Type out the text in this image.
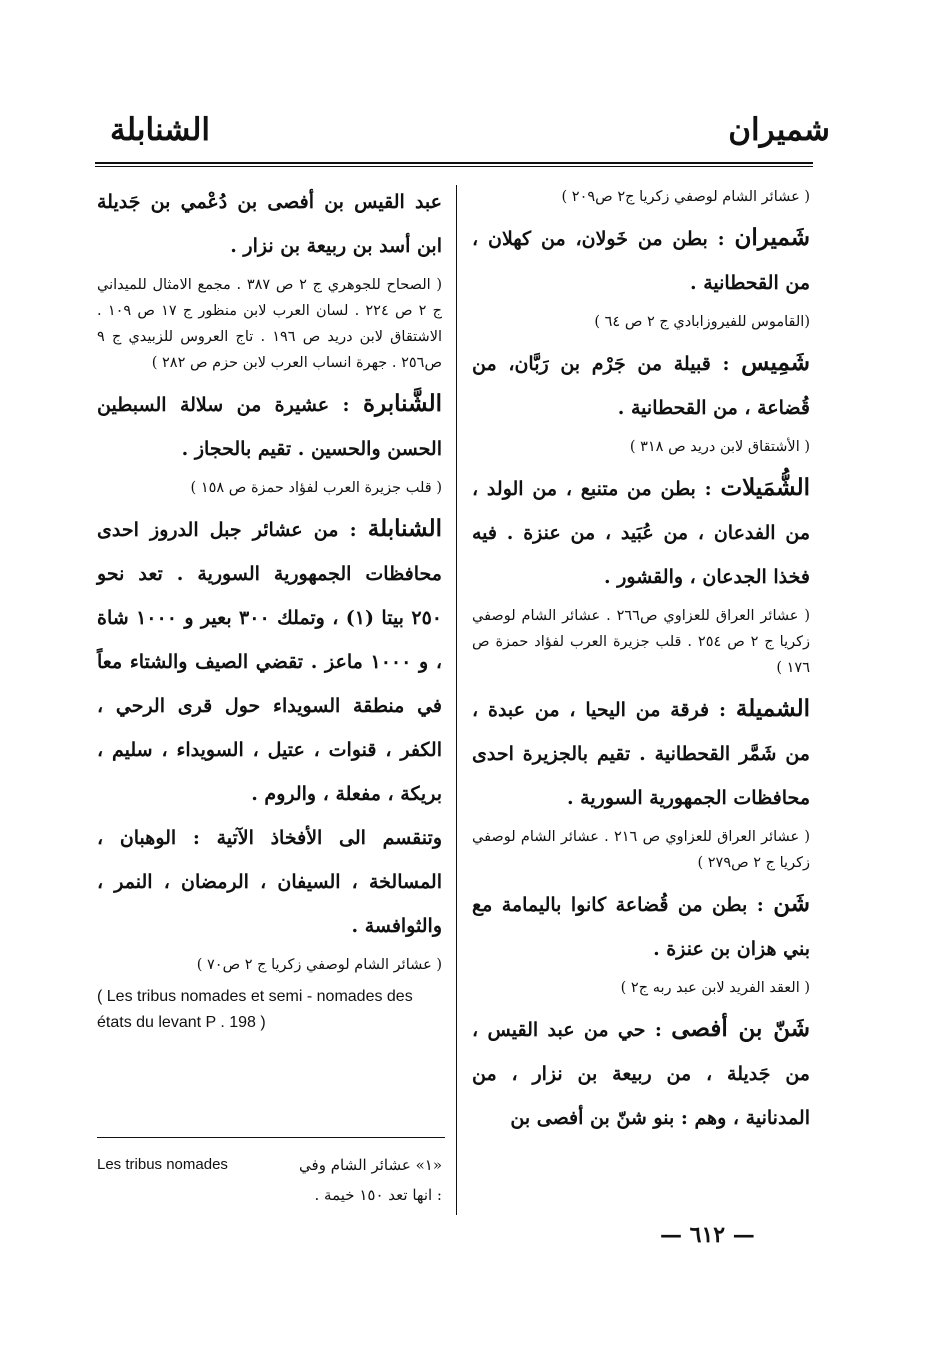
شميران
الشنابلة

( عشائر الشام لوصفي زكريا ج٢ ص٢٠٩ )

شَميران : بطن من خَولان، من كهلان ، من القحطانية .

(القاموس للفيروزابادي ج ٢ ص ٦٤ )

شَمِيس : قبيلة من جَرْم بن رَبَّان، من قُضاعة ، من القحطانية .

( الأشتقاق لابن دريد ص ٣١٨ )

الشُّمَيلات : بطن من متنبع ، من الولد ، من الفدعان ، من عُبَيد ، من عنزة . فيه فخذا الجدعان ، والقشور .

( عشائر العراق للعزاوي ص٢٦٦ . عشائر الشام لوصفي زكريا ج ٢ ص ٢٥٤ . قلب جزيرة العرب لفؤاد حمزة ص ١٧٦ )

الشميلة : فرقة من اليحيا ، من عبدة ، من شَمَّر القحطانية . تقيم بالجزيرة احدى محافظات الجمهورية السورية .

( عشائر العراق للعزاوي ص ٢١٦ . عشائر الشام لوصفي زكريا ج ٢ ص٢٧٩ )

شَن : بطن من قُضاعة كانوا باليمامة مع بني هزان بن عنزة .

( العقد الفريد لابن عبد ربه ج٢ )

شَنّ بن أفصى : حي من عبد القيس ، من جَديلة ، من ربيعة بن نزار ، من المدنانية ، وهم : بنو شنّ بن أفصى بن

عبد القيس بن أفصى بن دُعْمي بن جَديلة ابن أسد بن ربيعة بن نزار .

( الصحاح للجوهري ج ٢ ص ٣٨٧ . مجمع الامثال للميداني ج ٢ ص ٢٢٤ . لسان العرب لابن منظور ج ١٧ ص ١٠٩ . الاشتقاق لابن دريد ص ١٩٦ . تاج العروس للزبيدي ج ٩ ص٢٥٦ . جهرة انساب العرب لابن حزم ص ٢٨٢ )

الشَّنابرة : عشيرة من سلالة السبطين الحسن والحسين . تقيم بالحجاز .

( قلب جزيرة العرب لفؤاد حمزة ص ١٥٨ )

الشنابلة : من عشائر جبل الدروز احدى محافظات الجمهورية السورية . تعد نحو ٢٥٠ بيتا (١) ، وتملك ٣٠٠ بعير و ١٠٠٠ شاة ، و ١٠٠٠ ماعز . تقضي الصيف والشتاء معاً في منطقة السويداء حول قرى الرحي ، الكفر ، قنوات ، عتيل ، السويداء ، سليم ، بريكة ، مفعلة ، والروم .

وتنقسم الى الأفخاذ الآتية : الوهبان ، المسالخة ، السيفان ، الرمضان ، النمر ، والثوافسة .

( عشائر الشام لوصفي زكريا ج ٢ ص٧٠ )

( Les tribus nomades et semi - nomades des états du levant P . 198 )

Les tribus nomades	«١» عشائر الشام وفي
: انها تعد ١٥٠ خيمة .
— ٦١٢ —
